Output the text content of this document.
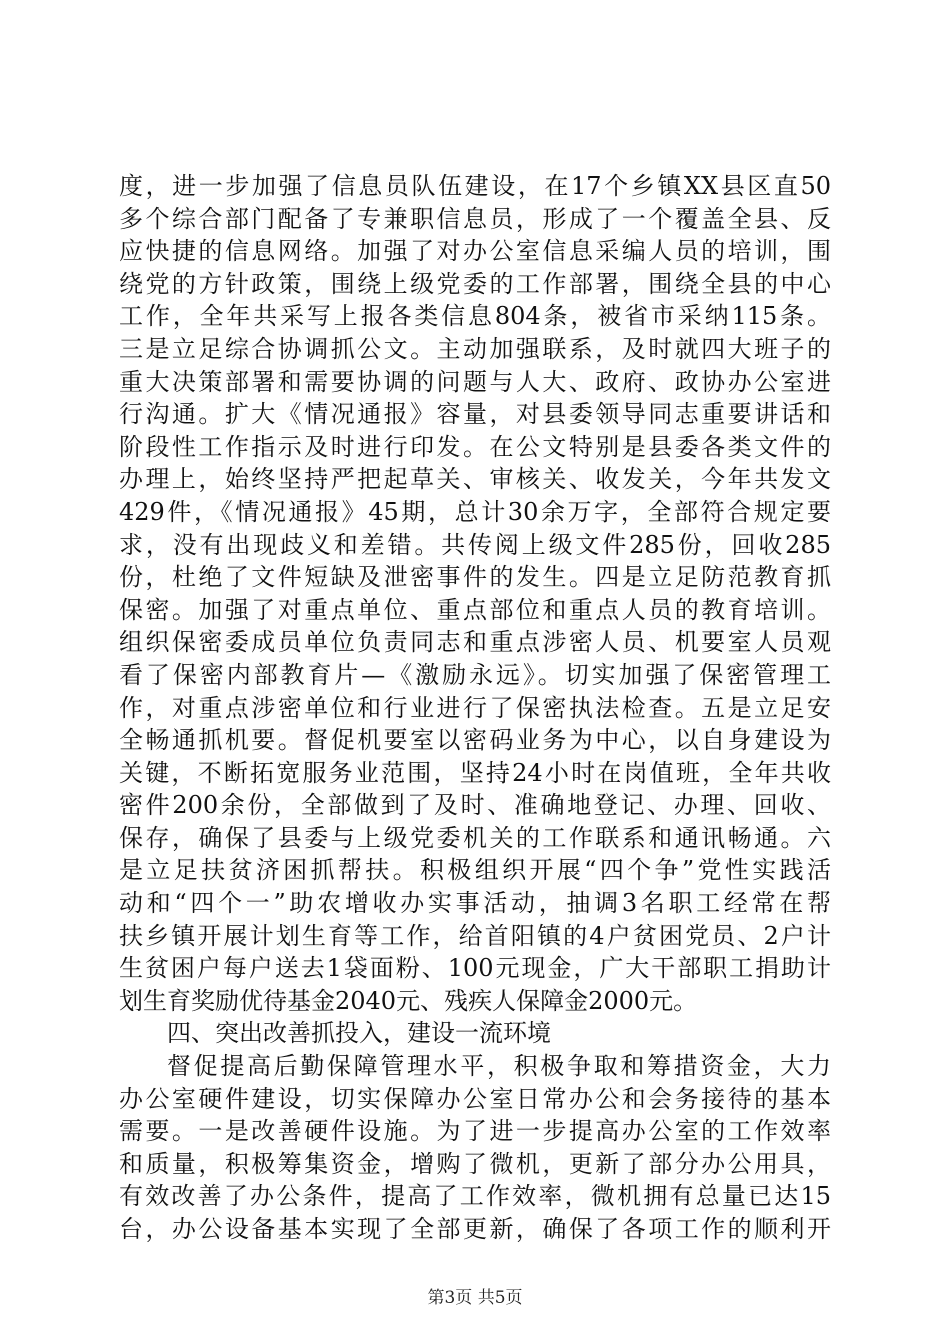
度，进一步加强了信息员队伍建设，在17个乡镇XX县区直50
多个综合部门配备了专兼职信息员，形成了一个覆盖全县、反
应快捷的信息网络。加强了对办公室信息采编人员的培训，围
绕党的方针政策，围绕上级党委的工作部署，围绕全县的中心
工作，全年共采写上报各类信息804条，被省市采纳115条。
三是立足综合协调抓公文。主动加强联系，及时就四大班子的
重大决策部署和需要协调的问题与人大、政府、政协办公室进
行沟通。扩大《情况通报》容量，对县委领导同志重要讲话和
阶段性工作指示及时进行印发。在公文特别是县委各类文件的
办理上，始终坚持严把起草关、审核关、收发关，今年共发文
429件，《情况通报》45期，总计30余万字，全部符合规定要
求，没有出现歧义和差错。共传阅上级文件285份，回收285
份，杜绝了文件短缺及泄密事件的发生。四是立足防范教育抓
保密。加强了对重点单位、重点部位和重点人员的教育培训。
组织保密委成员单位负责同志和重点涉密人员、机要室人员观
看了保密内部教育片—《激励永远》。切实加强了保密管理工
作，对重点涉密单位和行业进行了保密执法检查。五是立足安
全畅通抓机要。督促机要室以密码业务为中心，以自身建设为
关键，不断拓宽服务业范围，坚持24小时在岗值班，全年共收
密件200余份，全部做到了及时、准确地登记、办理、回收、
保存，确保了县委与上级党委机关的工作联系和通讯畅通。六
是立足扶贫济困抓帮扶。积极组织开展“四个争”党性实践活
动和“四个一”助农增收办实事活动，抽调3名职工经常在帮
扶乡镇开展计划生育等工作，给首阳镇的4户贫困党员、2户计
生贫困户每户送去1袋面粉、100元现金，广大干部职工捐助计
划生育奖励优待基金2040元、残疾人保障金2000元。
四、突出改善抓投入，建设一流环境
督促提高后勤保障管理水平，积极争取和筹措资金，大力
办公室硬件建设，切实保障办公室日常办公和会务接待的基本
需要。一是改善硬件设施。为了进一步提高办公室的工作效率
和质量，积极筹集资金，增购了微机，更新了部分办公用具，
有效改善了办公条件，提高了工作效率，微机拥有总量已达15
台，办公设备基本实现了全部更新，确保了各项工作的顺利开
第3页 共5页
